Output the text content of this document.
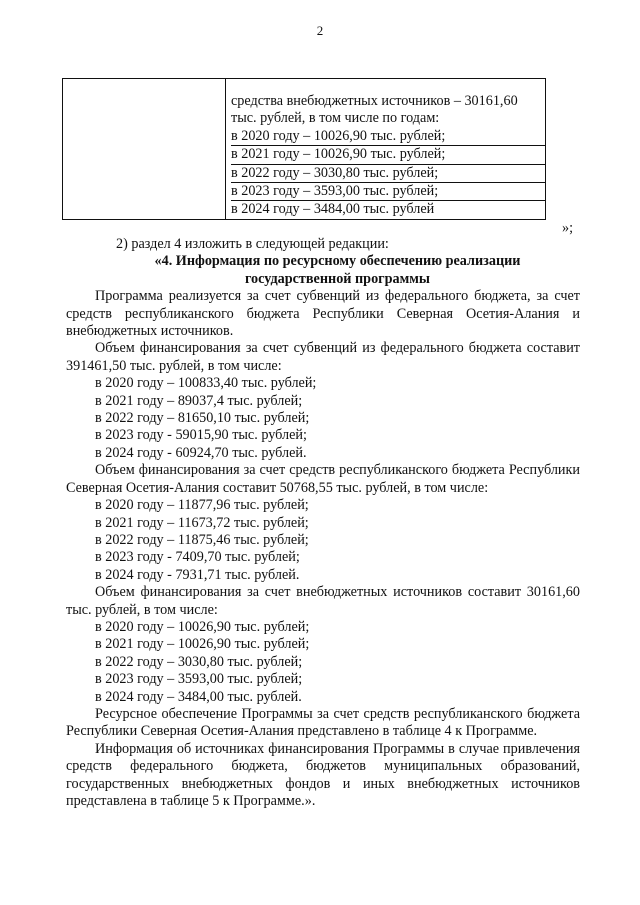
2

средства внебюджетных источников – 30161,60
тыс. рублей, в том числе по годам:
в 2020 году – 10026,90 тыс. рублей;
в 2021 году – 10026,90 тыс. рублей;
в 2022 году – 3030,80 тыс. рублей;
в 2023 году – 3593,00 тыс. рублей;
в 2024 году – 3484,00 тыс. рублей
»;

2) раздел 4 изложить в следующей редакции:

«4. Информация по ресурсному обеспечению реализации

государственной программы

Программа реализуется за счет субвенций из федерального бюджета, за счет средств республиканского бюджета Республики Северная Осетия-Алания и внебюджетных источников.

Объем финансирования за счет субвенций из федерального бюджета составит 391461,50 тыс. рублей, в том числе:

в 2020 году – 100833,40 тыс. рублей;

в 2021 году – 89037,4 тыс. рублей;

в 2022 году – 81650,10 тыс. рублей;

в 2023 году - 59015,90 тыс. рублей;

в 2024 году - 60924,70 тыс. рублей.

Объем финансирования за счет средств республиканского бюджета Республики Северная Осетия-Алания составит 50768,55 тыс. рублей, в том числе:

в 2020 году – 11877,96 тыс. рублей;

в 2021 году – 11673,72 тыс. рублей;

в 2022 году – 11875,46 тыс. рублей;

в 2023 году - 7409,70 тыс. рублей;

в 2024 году - 7931,71 тыс. рублей.

Объем финансирования за счет внебюджетных источников составит 30161,60 тыс. рублей, в том числе:

в 2020 году – 10026,90 тыс. рублей;

в 2021 году – 10026,90 тыс. рублей;

в 2022 году – 3030,80 тыс. рублей;

в 2023 году – 3593,00 тыс. рублей;

в 2024 году – 3484,00 тыс. рублей.

Ресурсное обеспечение Программы за счет средств республиканского бюджета Республики Северная Осетия-Алания представлено в таблице 4 к Программе.

Информация об источниках финансирования Программы в случае привлечения средств федерального бюджета, бюджетов муниципальных образований, государственных внебюджетных фондов и иных внебюджетных источников представлена в таблице 5 к Программе.».
